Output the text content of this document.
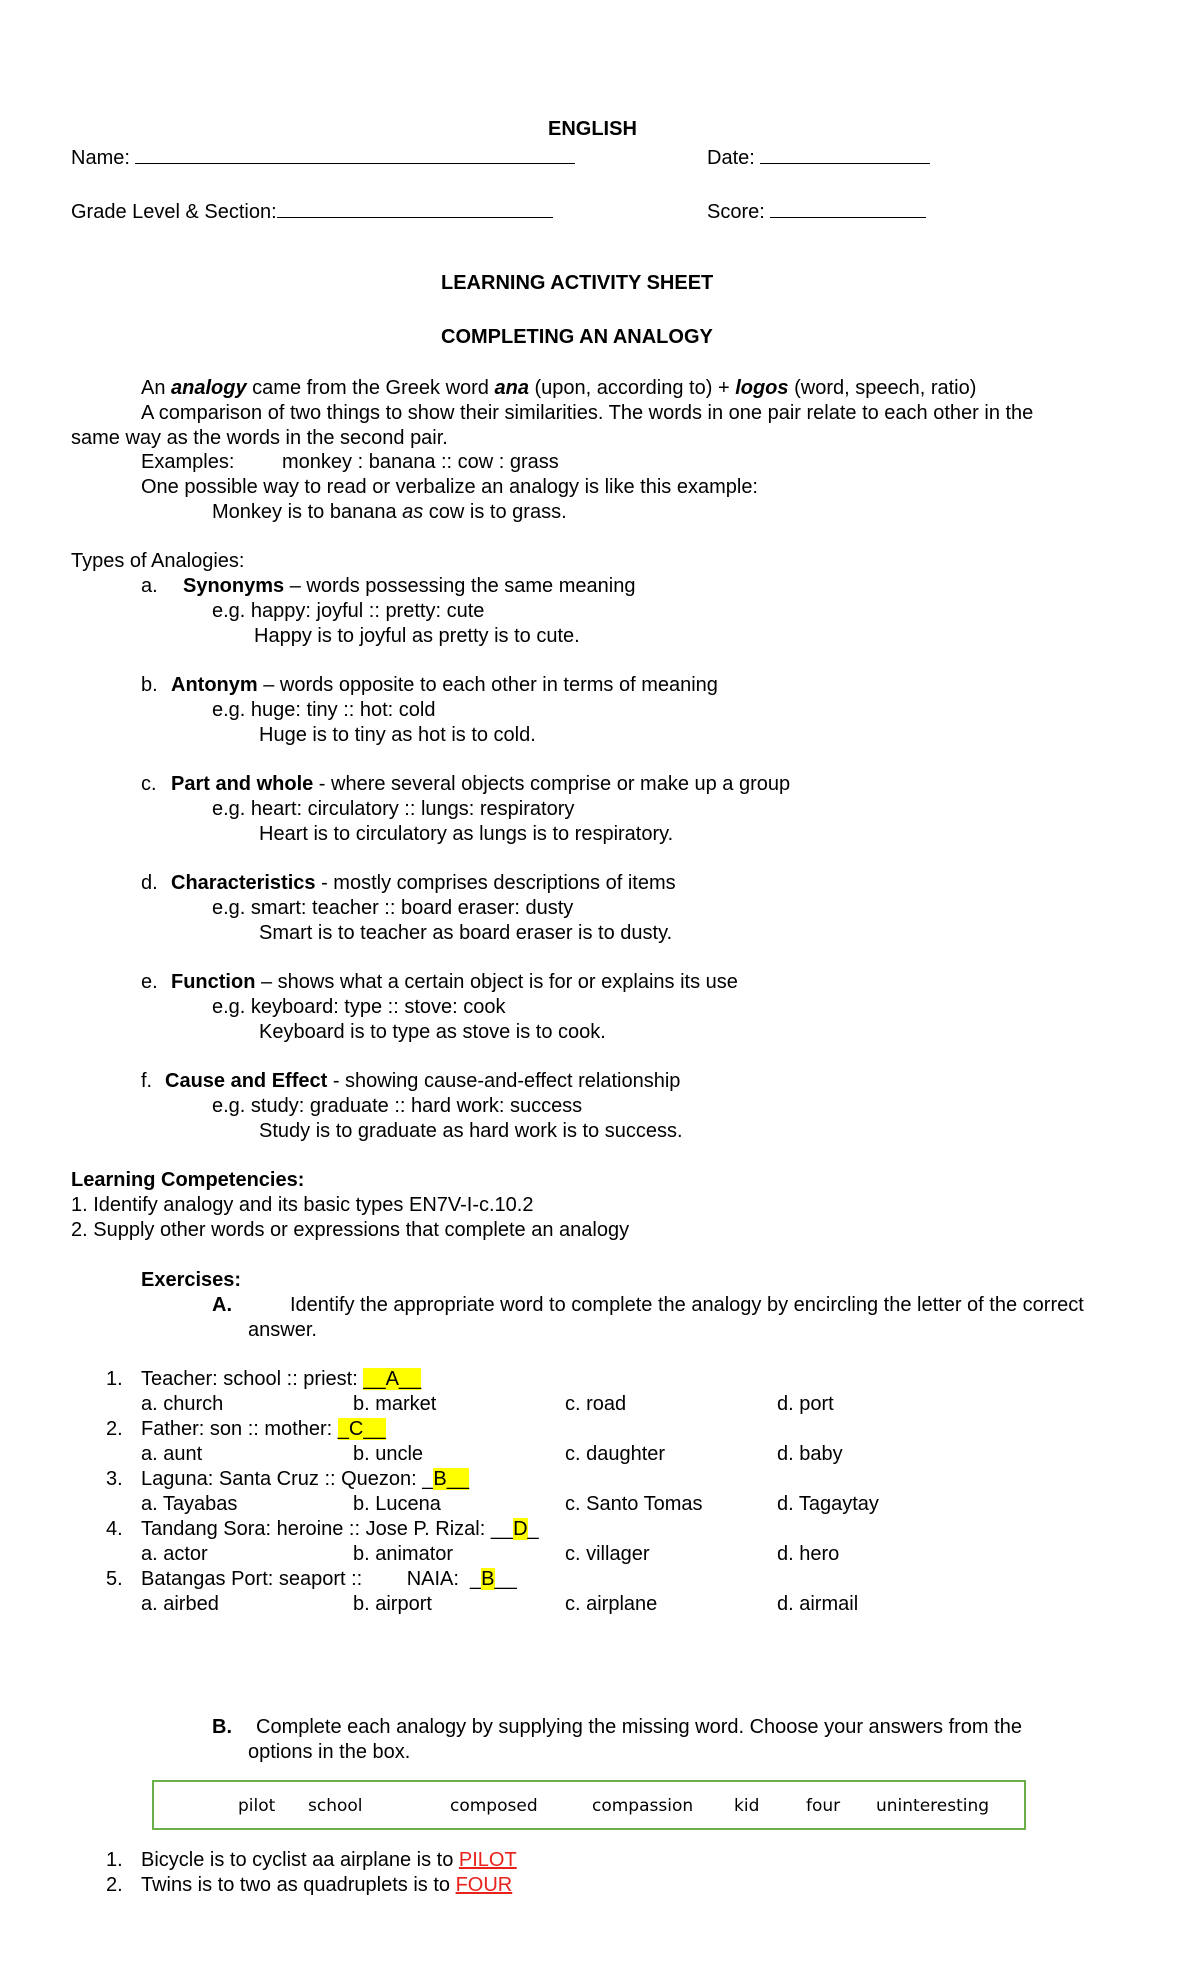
ENGLISH
Name:	Date:
Grade Level & Section:	Score:
LEARNING ACTIVITY SHEET
COMPLETING AN ANALOGY
An analogy came from the Greek word ana (upon, according to) + logos (word, speech, ratio)
A comparison of two things to show their similarities. The words in one pair relate to each other in the
same way as the words in the second pair.
Examples: monkey : banana :: cow : grass
One possible way to read or verbalize an analogy is like this example:
Monkey is to banana as cow is to grass.
Types of Analogies:
a. Synonyms – words possessing the same meaning
e.g. happy: joyful :: pretty: cute
Happy is to joyful as pretty is to cute.
b. Antonym – words opposite to each other in terms of meaning
e.g. huge: tiny :: hot: cold
Huge is to tiny as hot is to cold.
c. Part and whole - where several objects comprise or make up a group
e.g. heart: circulatory :: lungs: respiratory
Heart is to circulatory as lungs is to respiratory.
d. Characteristics - mostly comprises descriptions of items
e.g. smart: teacher :: board eraser: dusty
Smart is to teacher as board eraser is to dusty.
e. Function – shows what a certain object is for or explains its use
e.g. keyboard: type :: stove: cook
Keyboard is to type as stove is to cook.
f. Cause and Effect - showing cause-and-effect relationship
e.g. study: graduate :: hard work: success
Study is to graduate as hard work is to success.
Learning Competencies:
1. Identify analogy and its basic types EN7V-I-c.10.2
2. Supply other words or expressions that complete an analogy
Exercises:
A.	Identify the appropriate word to complete the analogy by encircling the letter of the correct
answer.
1. Teacher: school :: priest: __A__
a. church	b. market	c. road	d. port
2. Father: son :: mother: _C__
a. aunt	b. uncle	c. daughter	d. baby
3. Laguna: Santa Cruz :: Quezon: _B__
a. Tayabas	b. Lucena	c. Santo Tomas	d. Tagaytay
4. Tandang Sora: heroine :: Jose P. Rizal: __D_
a. actor	b. animator	c. villager	d. hero
5. Batangas Port: seaport ::        NAIA:  _B__
a. airbed	b. airport	c. airplane	d. airmail
B. Complete each analogy by supplying the missing word. Choose your answers from the
options in the box.
pilot school	composed	compassion kid	four uninteresting
1. Bicycle is to cyclist aa airplane is to PILOT
2. Twins is to two as quadruplets is to FOUR
